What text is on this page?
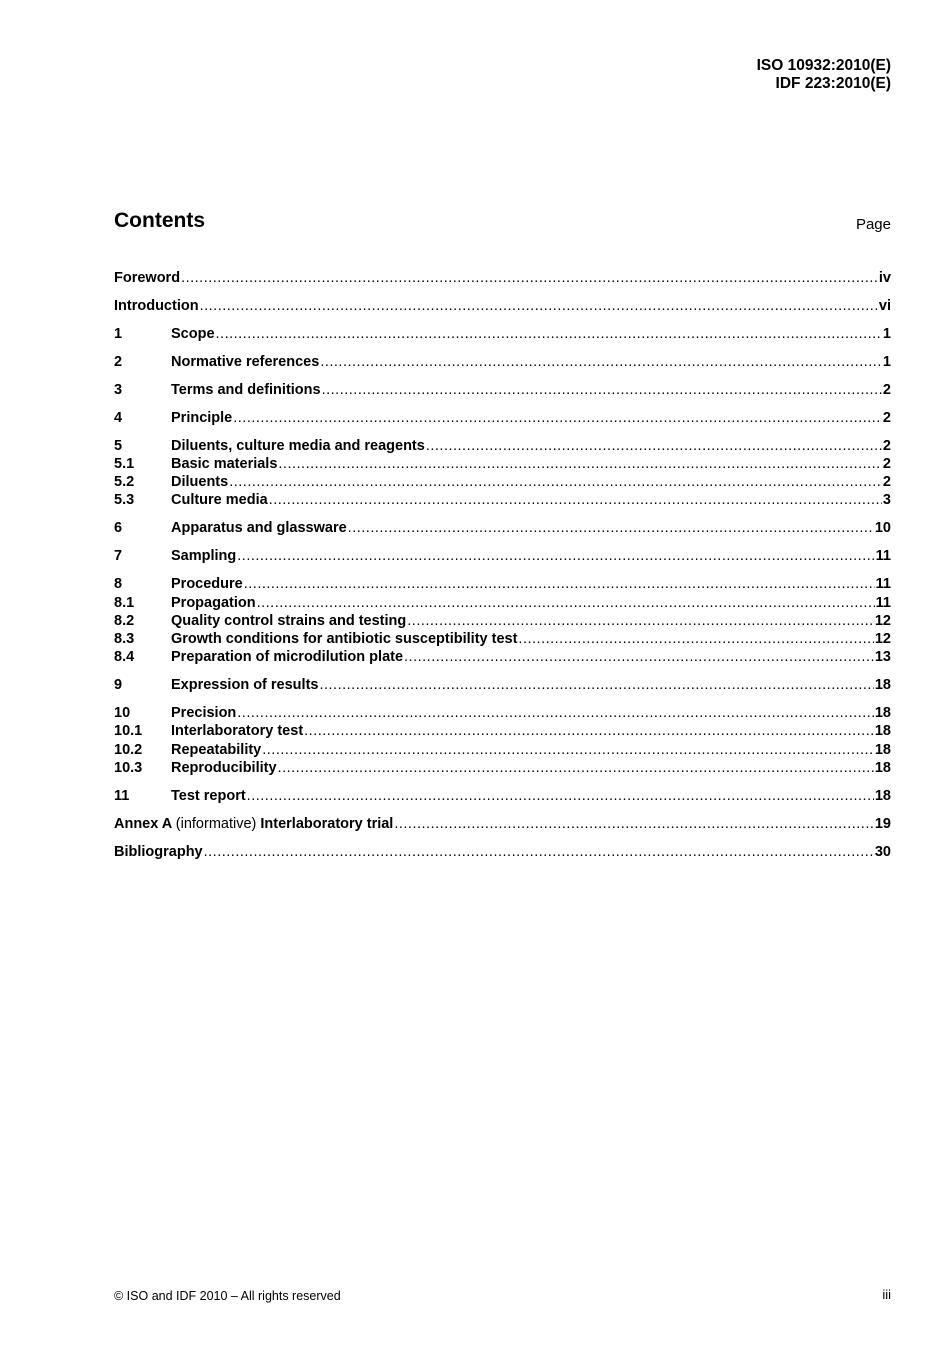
ISO 10932:2010(E)
IDF 223:2010(E)
Contents	Page
Foreword .....	iv
Introduction .....	vi
1	Scope .....	1
2	Normative references .....	1
3	Terms and definitions .....	2
4	Principle .....	2
5	Diluents, culture media and reagents .....	2
5.1	Basic materials .....	2
5.2	Diluents .....	2
5.3	Culture media .....	3
6	Apparatus and glassware .....	10
7	Sampling .....	11
8	Procedure .....	11
8.1	Propagation .....	11
8.2	Quality control strains and testing .....	12
8.3	Growth conditions for antibiotic susceptibility test .....	12
8.4	Preparation of microdilution plate .....	13
9	Expression of results .....	18
10	Precision .....	18
10.1	Interlaboratory test .....	18
10.2	Repeatability .....	18
10.3	Reproducibility .....	18
11	Test report .....	18
Annex A (informative) Interlaboratory trial .....	19
Bibliography .....	30
© ISO and IDF 2010 – All rights reserved	iii
